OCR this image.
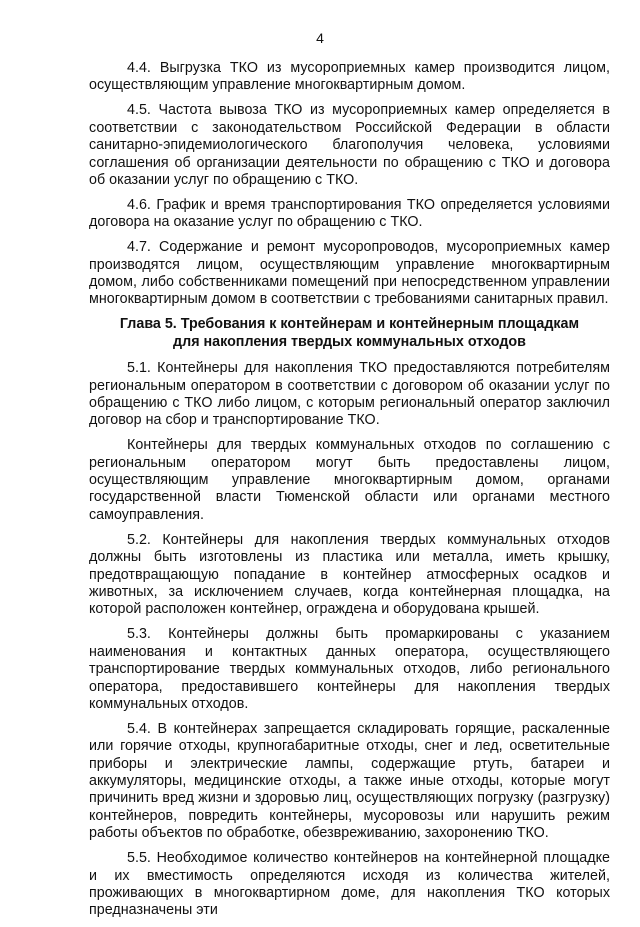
4

4.4. Выгрузка ТКО из мусороприемных камер производится лицом, осуществляющим управление многоквартирным домом.

4.5. Частота вывоза ТКО из мусороприемных камер определяется в соответствии с законодательством Российской Федерации в области санитарно-эпидемиологического благополучия человека, условиями соглашения об организации деятельности по обращению с ТКО и договора об оказании услуг по обращению с ТКО.

4.6. График и время транспортирования ТКО определяется условиями договора на оказание услуг по обращению с ТКО.

4.7. Содержание и ремонт мусоропроводов, мусороприемных камер производятся лицом, осуществляющим управление многоквартирным домом, либо собственниками помещений при непосредственном управлении многоквартирным домом в соответствии с требованиями санитарных правил.

Глава 5. Требования к контейнерам и контейнерным площадкам
для накопления твердых коммунальных отходов

5.1. Контейнеры для накопления ТКО предоставляются потребителям региональным оператором в соответствии с договором об оказании услуг по обращению с ТКО либо лицом, с которым региональный оператор заключил договор на сбор и транспортирование ТКО.

Контейнеры для твердых коммунальных отходов по соглашению с региональным оператором могут быть предоставлены лицом, осуществляющим управление многоквартирным домом, органами государственной власти Тюменской области или органами местного самоуправления.

5.2. Контейнеры для накопления твердых коммунальных отходов должны быть изготовлены из пластика или металла, иметь крышку, предотвращающую попадание в контейнер атмосферных осадков и животных, за исключением случаев, когда контейнерная площадка, на которой расположен контейнер, ограждена и оборудована крышей.

5.3. Контейнеры должны быть промаркированы с указанием наименования и контактных данных оператора, осуществляющего транспортирование твердых коммунальных отходов, либо регионального оператора, предоставившего контейнеры для накопления твердых коммунальных отходов.

5.4. В контейнерах запрещается складировать горящие, раскаленные или горячие отходы, крупногабаритные отходы, снег и лед, осветительные приборы и электрические лампы, содержащие ртуть, батареи и аккумуляторы, медицинские отходы, а также иные отходы, которые могут причинить вред жизни и здоровью лиц, осуществляющих погрузку (разгрузку) контейнеров, повредить контейнеры, мусоровозы или нарушить режим работы объектов по обработке, обезвреживанию, захоронению ТКО.

5.5. Необходимое количество контейнеров на контейнерной площадке и их вместимость определяются исходя из количества жителей, проживающих в многоквартирном доме, для накопления ТКО которых предназначены эти
